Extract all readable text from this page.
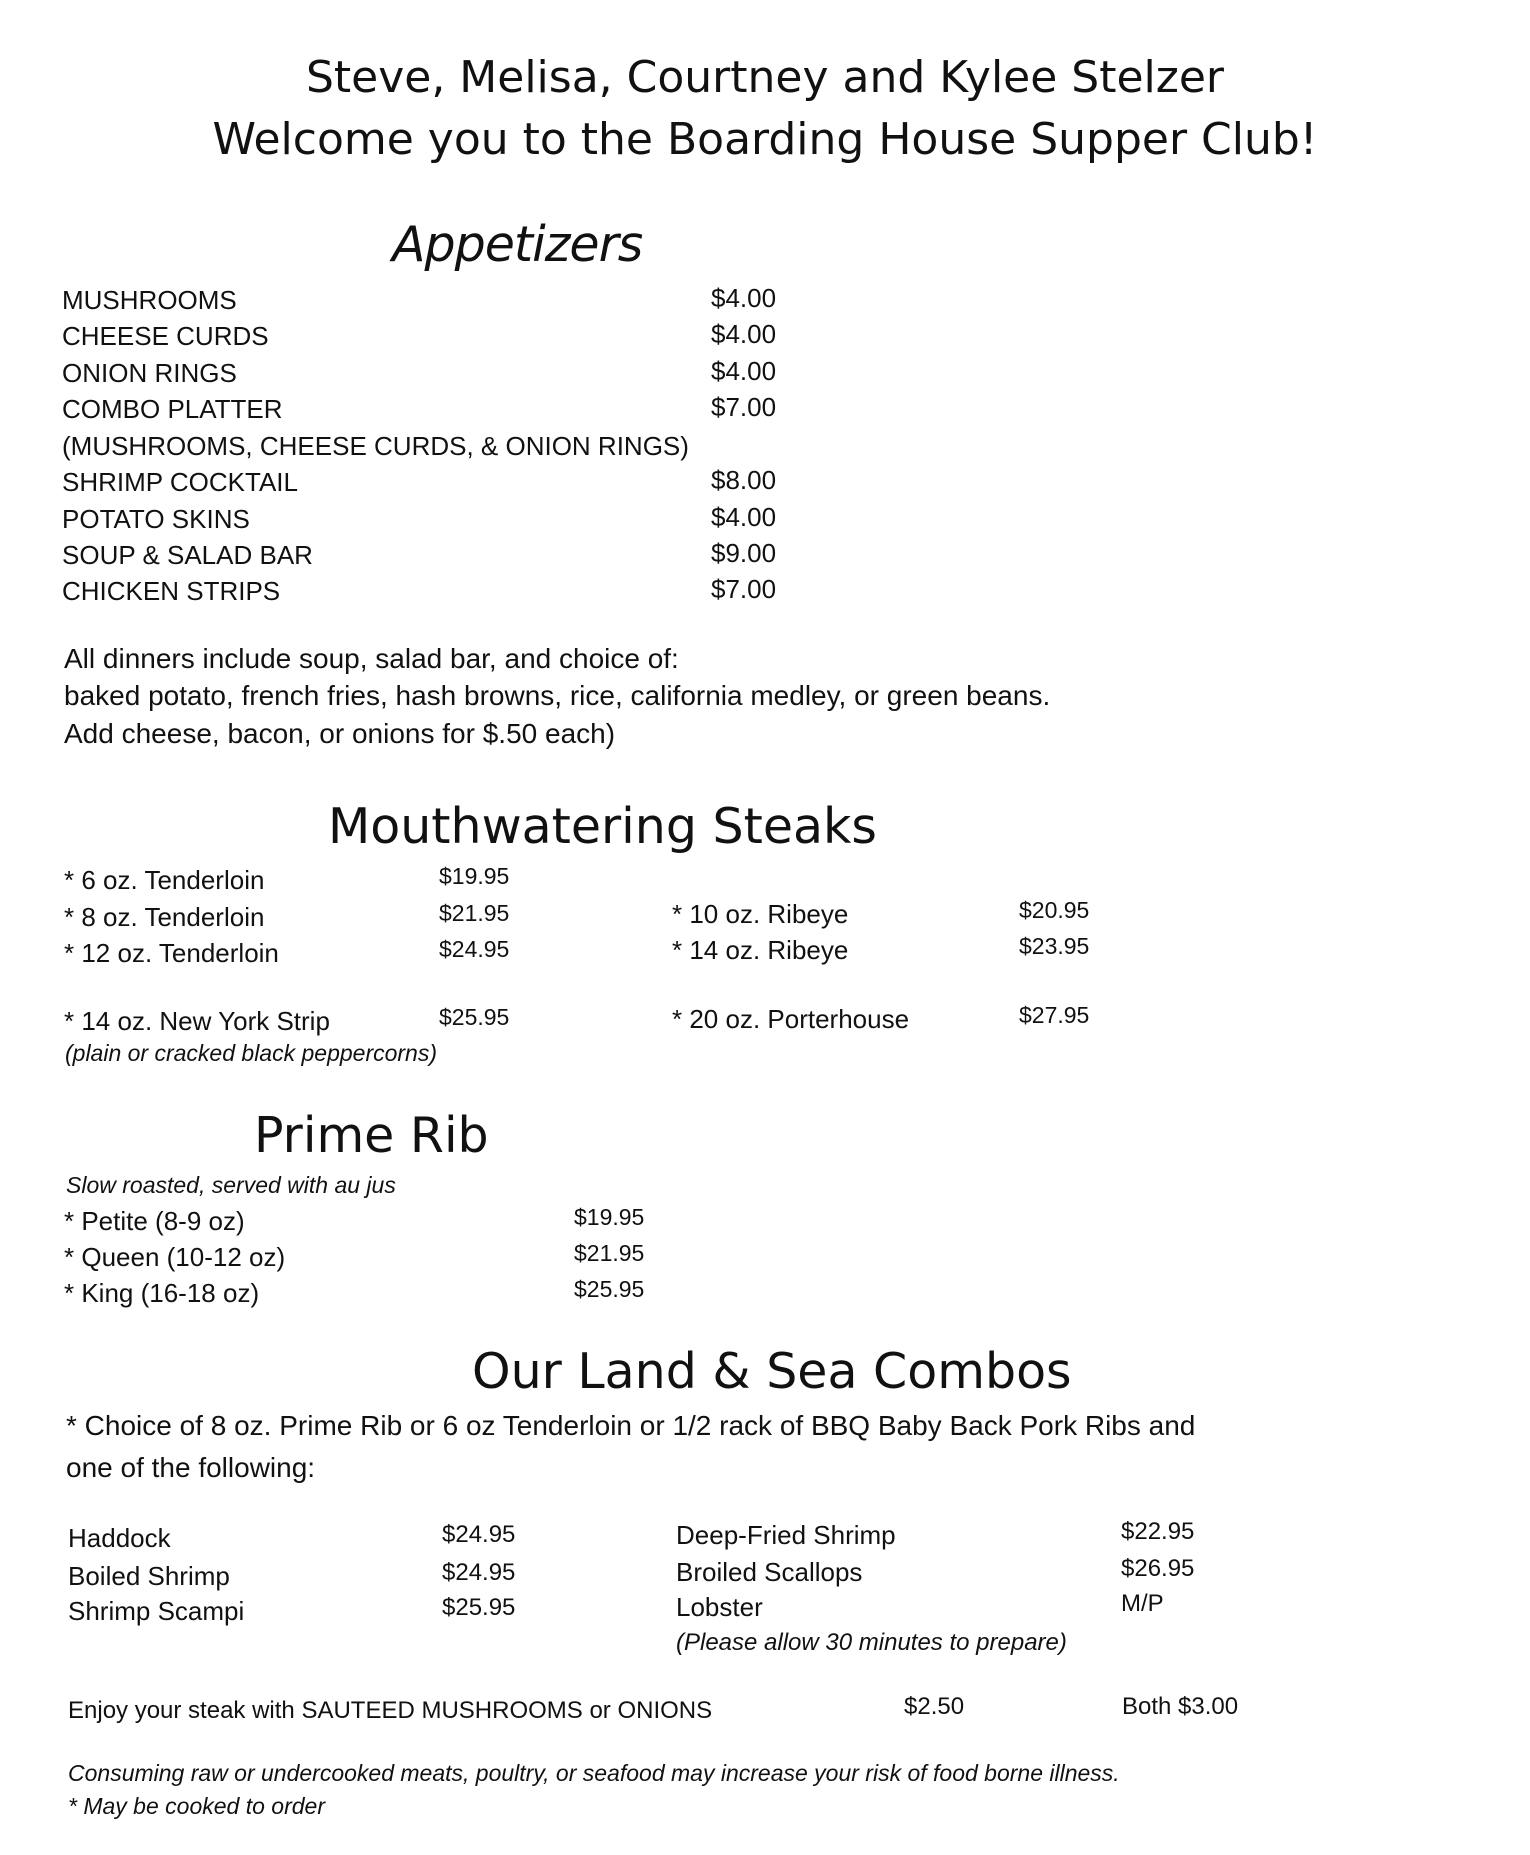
Steve, Melisa, Courtney and Kylee Stelzer
Welcome you to the Boarding House Supper Club!
Appetizers
MUSHROOMS	$4.00
CHEESE CURDS	$4.00
ONION RINGS	$4.00
COMBO PLATTER	$7.00
(MUSHROOMS, CHEESE CURDS, & ONION RINGS)
SHRIMP COCKTAIL	$8.00
POTATO SKINS	$4.00
SOUP & SALAD BAR	$9.00
CHICKEN STRIPS	$7.00
All dinners include soup, salad bar, and choice of:
baked potato, french fries, hash browns, rice, california medley, or green beans.
Add cheese, bacon, or onions for $.50 each)
Mouthwatering Steaks
* 6 oz. Tenderloin	$19.95
* 8 oz. Tenderloin	$21.95
* 12 oz. Tenderloin	$24.95
* 14 oz. New York Strip	$25.95
* 10 oz. Ribeye	$20.95
* 14 oz. Ribeye	$23.95
* 20 oz. Porterhouse	$27.95
(plain or cracked black peppercorns)
Prime Rib
Slow roasted, served with au jus
* Petite (8-9 oz)	$19.95
* Queen (10-12 oz)	$21.95
* King (16-18 oz)	$25.95
Our Land & Sea Combos
* Choice of 8 oz. Prime Rib or 6 oz Tenderloin or 1/2 rack of BBQ Baby Back Pork Ribs and
one of the following:
Haddock	$24.95
Boiled Shrimp	$24.95
Shrimp Scampi	$25.95
Deep-Fried Shrimp	$22.95
Broiled Scallops	$26.95
Lobster	M/P
(Please allow 30 minutes to prepare)
Enjoy your steak with SAUTEED MUSHROOMS or ONIONS	$2.50	Both $3.00
Consuming raw or undercooked meats, poultry, or seafood may increase your risk of food borne illness.
* May be cooked to order
